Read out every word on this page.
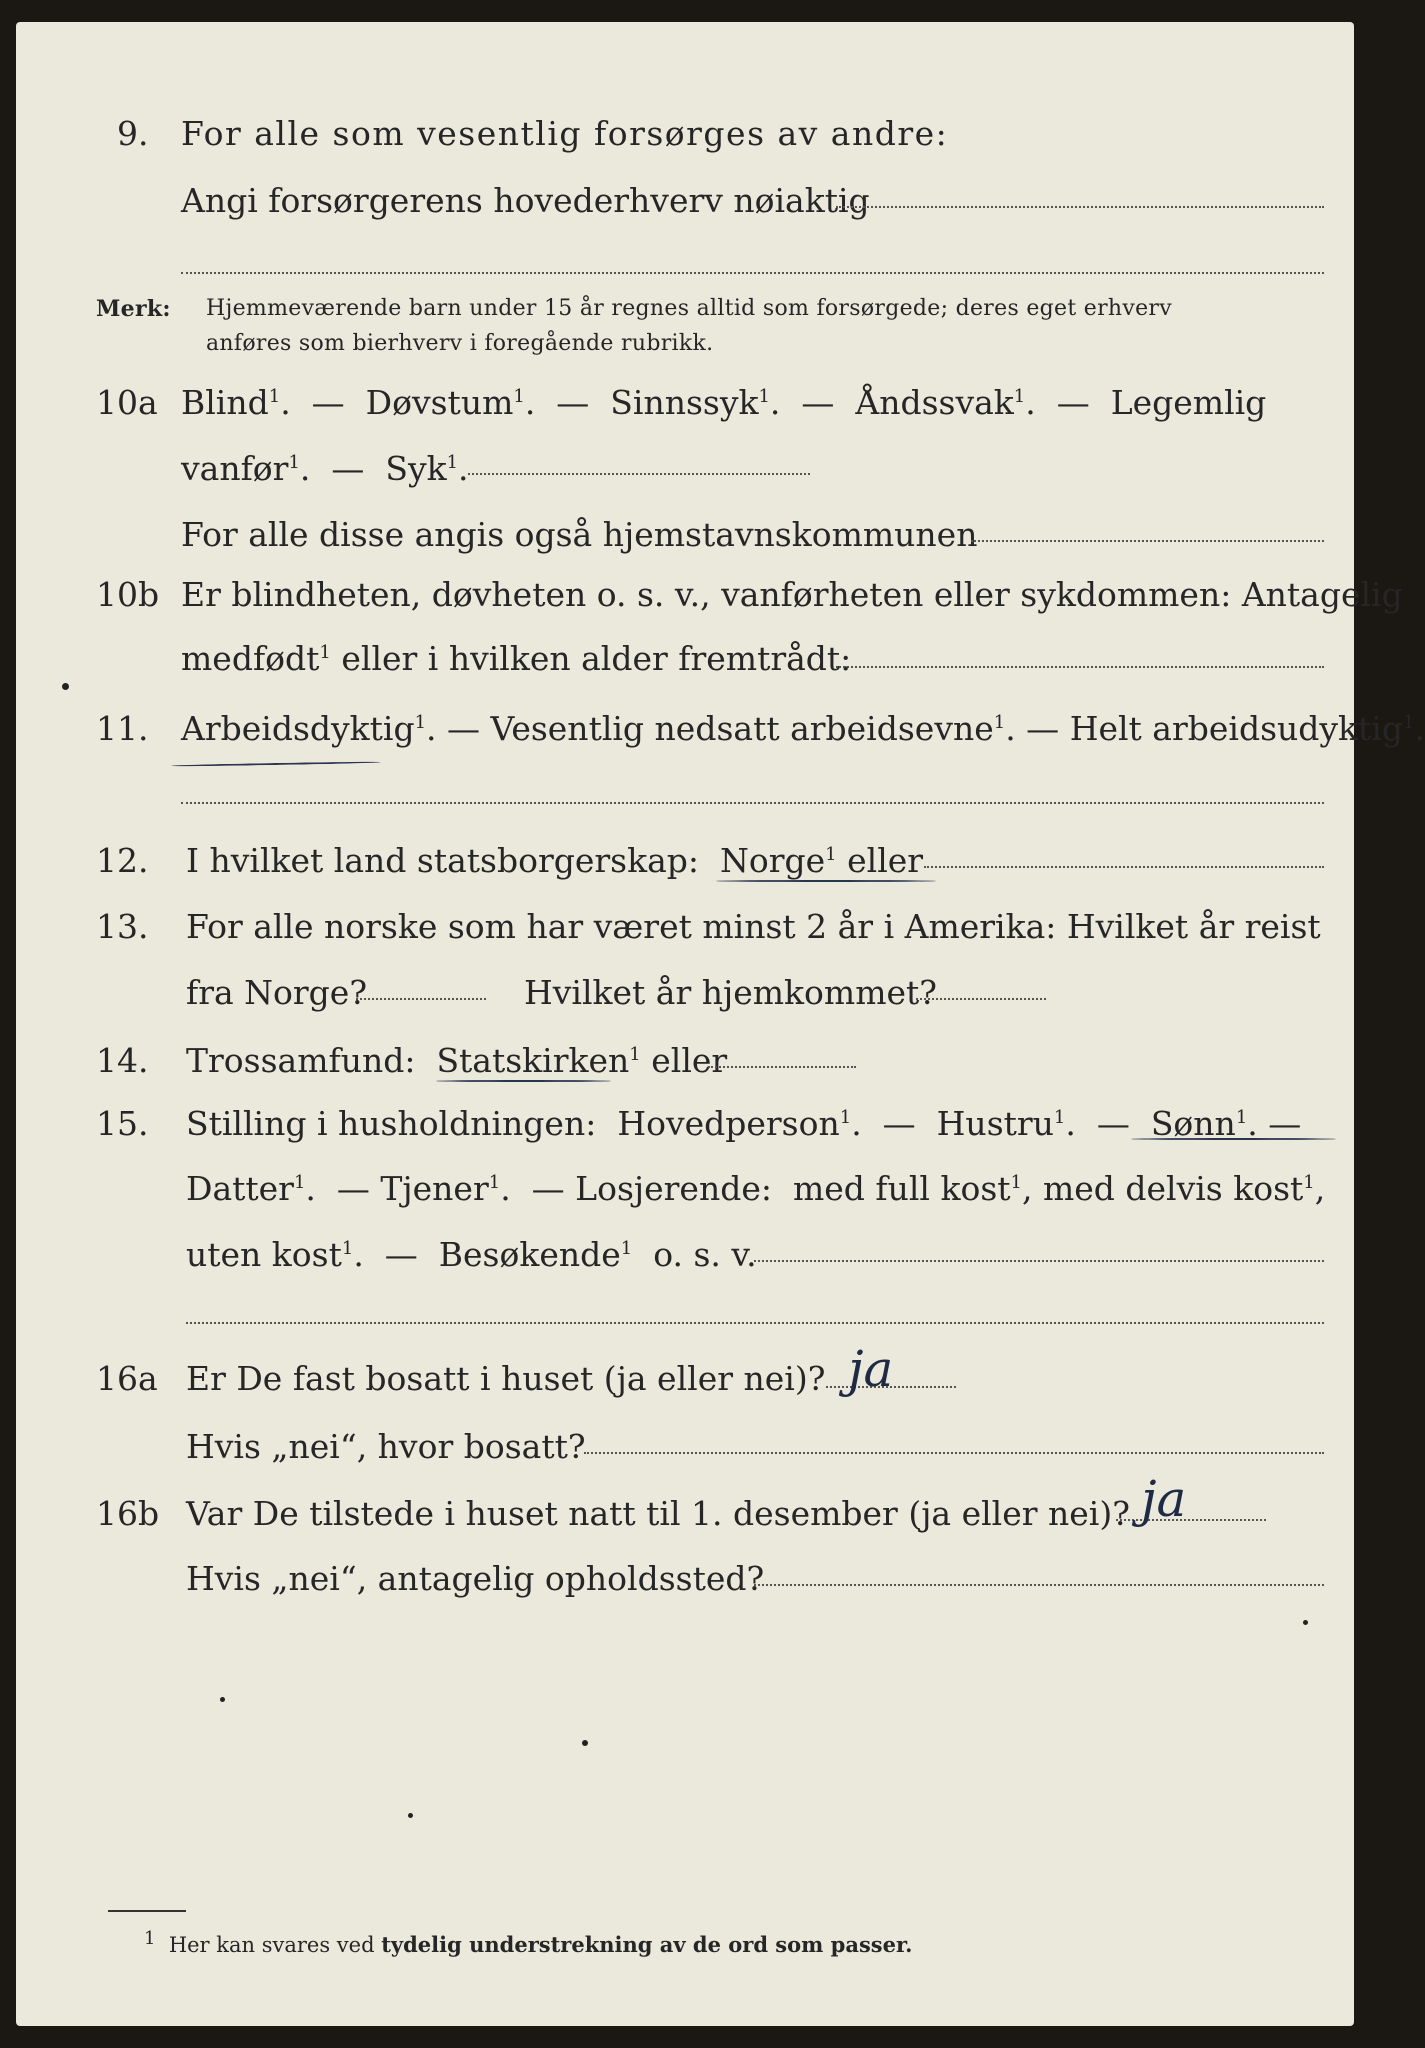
9. For alle som vesentlig forsørges av andre:
Angi forsørgerens hovederhverv nøiaktig
Merk: Hjemmeværende barn under 15 år regnes alltid som forsørgede; deres eget erhverv
anføres som bierhverv i foregående rubrikk.
10a Blind$^1$.  —  Døvstum$^1$.  —  Sinnssyk$^1$.  —  Åndssvak$^1$.  —  Legemlig
vanfør$^1$.  —  Syk$^1$.
For alle disse angis også hjemstavnskommunen
10b Er blindheten, døvheten o. s. v., vanførheten eller sykdommen: Antagelig
medfødt$^1$ eller i hvilken alder fremtrådt:
11. Arbeidsdyktig$^1$. — Vesentlig nedsatt arbeidsevne$^1$. — Helt arbeidsudyktig$^1$.
12. I hvilket land statsborgerskap: Norge$^1$ eller
13. For alle norske som har været minst 2 år i Amerika: Hvilket år reist
fra Norge?	Hvilket år hjemkommet?
14. Trossamfund: Statskirken$^1$ eller
15. Stilling i husholdningen: Hovedperson$^1$.  —  Hustru$^1$.  —  Sønn$^1$. —
Datter$^1$.  — Tjener$^1$.  — Losjerende: med full kost$^1$, med delvis kost$^1$,
uten kost$^1$.  —  Besøkende$^1$ o. s. v.
16a Er De fast bosatt i huset (ja eller nei)? ja
Hvis „nei“, hvor bosatt?
16b Var De tilstede i huset natt til 1. desember (ja eller nei)? ja
Hvis „nei“, antagelig opholdssted?
1 Her kan svares ved tydelig understrekning av de ord som passer.
